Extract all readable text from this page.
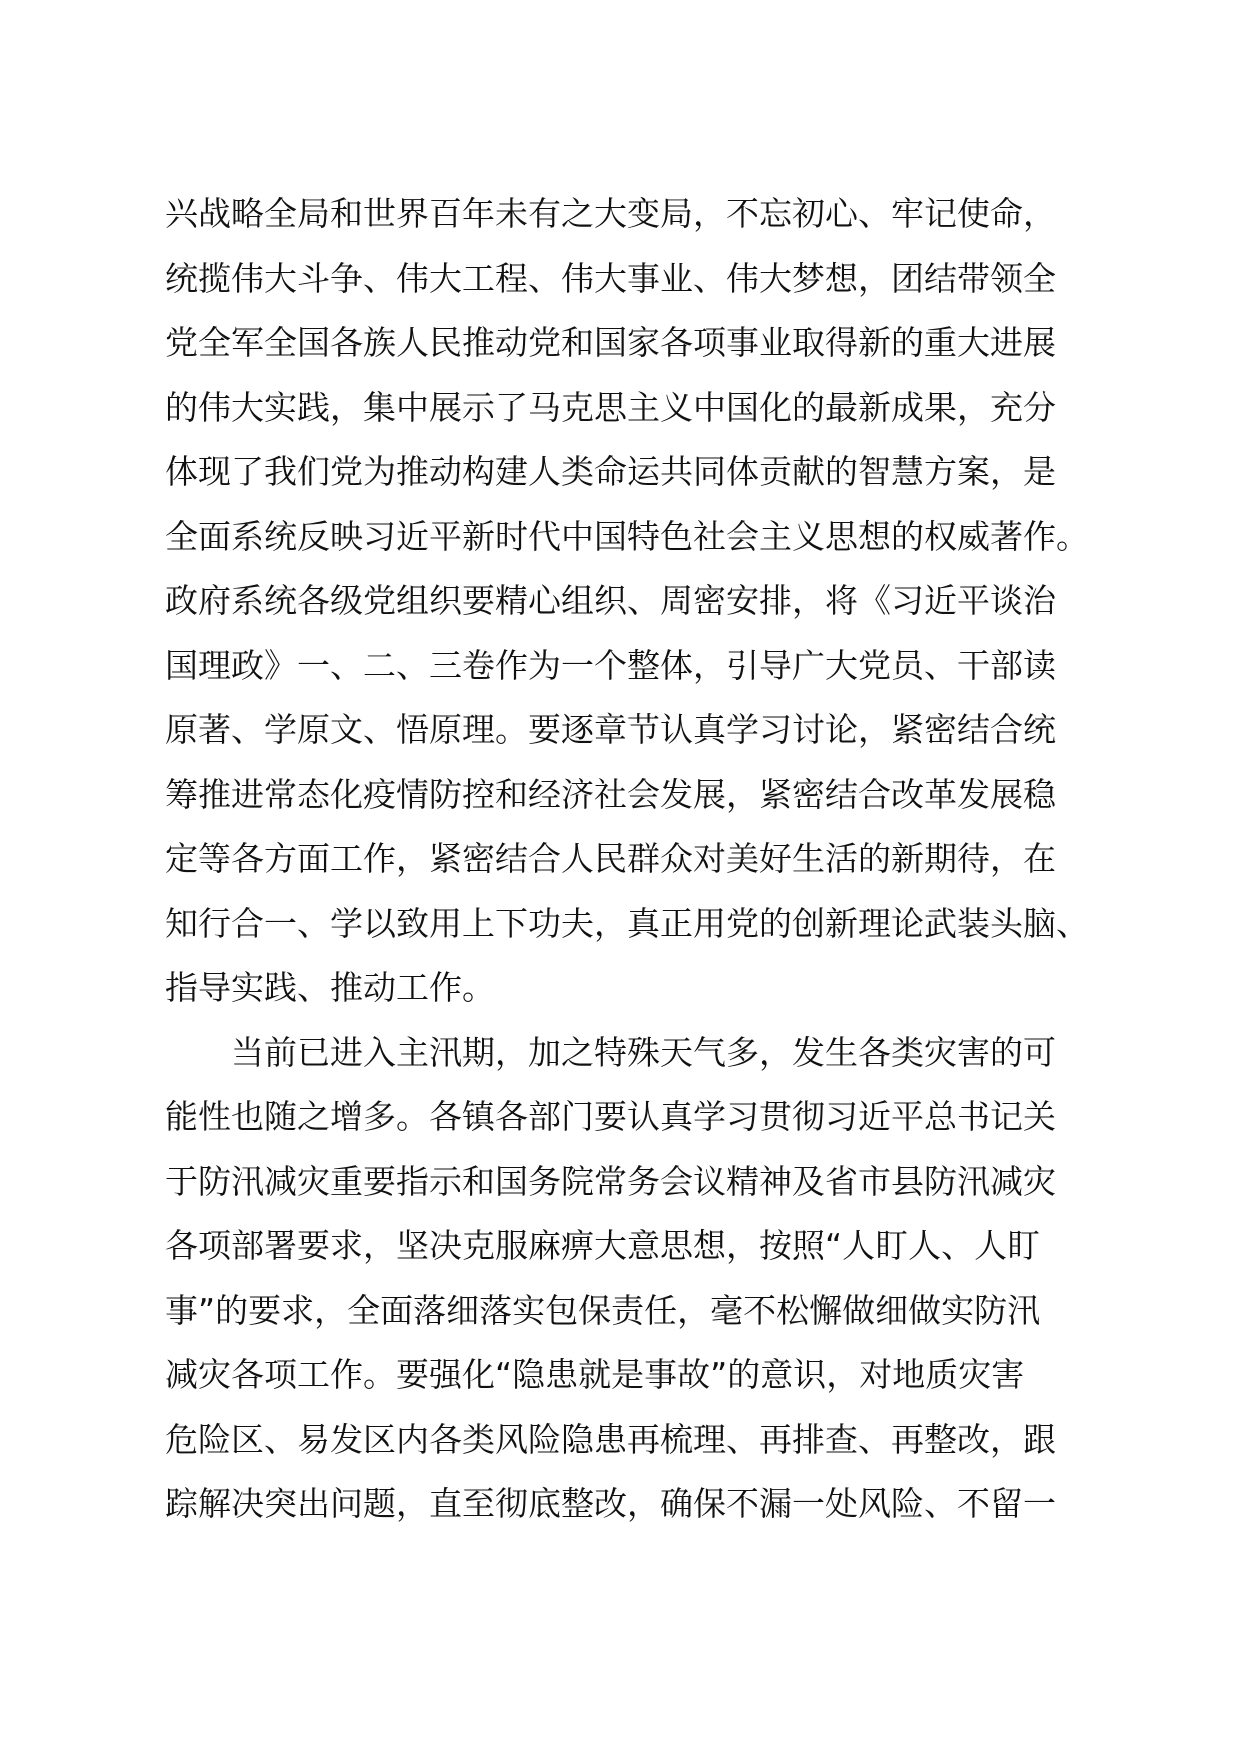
兴战略全局和世界百年未有之大变局，不忘初心、牢记使命，
统揽伟大斗争、伟大工程、伟大事业、伟大梦想，团结带领全
党全军全国各族人民推动党和国家各项事业取得新的重大进展
的伟大实践，集中展示了马克思主义中国化的最新成果，充分
体现了我们党为推动构建人类命运共同体贡献的智慧方案，是
全面系统反映习近平新时代中国特色社会主义思想的权威著作。
政府系统各级党组织要精心组织、周密安排，将《习近平谈治
国理政》一、二、三卷作为一个整体，引导广大党员、干部读
原著、学原文、悟原理。要逐章节认真学习讨论，紧密结合统
筹推进常态化疫情防控和经济社会发展，紧密结合改革发展稳
定等各方面工作，紧密结合人民群众对美好生活的新期待，在
知行合一、学以致用上下功夫，真正用党的创新理论武装头脑、
指导实践、推动工作。
当前已进入主汛期，加之特殊天气多，发生各类灾害的可
能性也随之增多。各镇各部门要认真学习贯彻习近平总书记关
于防汛减灾重要指示和国务院常务会议精神及省市县防汛减灾
各项部署要求，坚决克服麻痹大意思想，按照“人盯人、人盯
事”的要求，全面落细落实包保责任，毫不松懈做细做实防汛
减灾各项工作。要强化“隐患就是事故”的意识，对地质灾害
危险区、易发区内各类风险隐患再梳理、再排查、再整改，跟
踪解决突出问题，直至彻底整改，确保不漏一处风险、不留一
